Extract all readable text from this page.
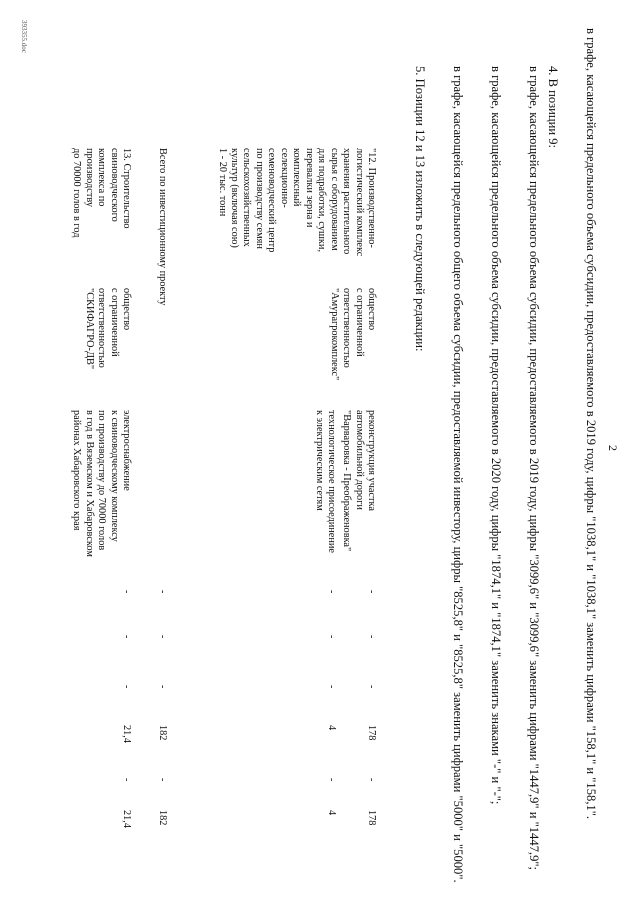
2

в графе, касающейся предельного объема субсидии, предоставляемого в 2019 году, цифры "1038,1" и "1038,1" заменить цифрами "158,1" и "158,1".

4. В позиции 9:

в графе, касающейся предельного объема субсидии, предоставляемого в 2019 году, цифры "3099,6" и "3099,6" заменить цифрами "1447,9" и "1447,9";

в графе, касающейся предельного объема субсидии, предоставляемого в 2020 году, цифры "1874,1" и "1874,1" заменить знаками "-" и "-";

в графе, касающейся предельного общего объема субсидии, предоставляемой инвестору, цифры "8525,8" и "8525,8" заменить цифрами "5000" и "5000".

5. Позиции 12 и 13 изложить в следующей редакции:

"12. Производственно-
логистический комплекс
хранения растительного
сырья с оборудованием
для подработки, сушки,
перевалки зерна и
комплексный
селекционно-
семеноводческий центр
по производству семян
сельскохозяйственных
культур (включая сою)
1 - 20 тыс. тонн
общество
с ограниченной
ответственностью
"Амурагрокомплекс"
реконструкция участка
автомобильной дороги
"Варваровка - Преображеновка"
-
-
-
178
-
178
технологическое присоединение
к электрическим сетям
-
-
-
4
-
4
Всего по инвестиционному проекту
-
-
-
182
-
182
13. Строительство
свиноводческого
комплекса по
производству
до 70000 голов в год
общество
с ограниченной
ответственностью
"СКИФАГРО-ДВ"
электроснабжение
к свиноводческому комплексу
по производству до 70000 голов
в год в Вяземском и Хабаровском
районах Хабаровского края
-
-
-
21,4
-
21,4
393355.doc
